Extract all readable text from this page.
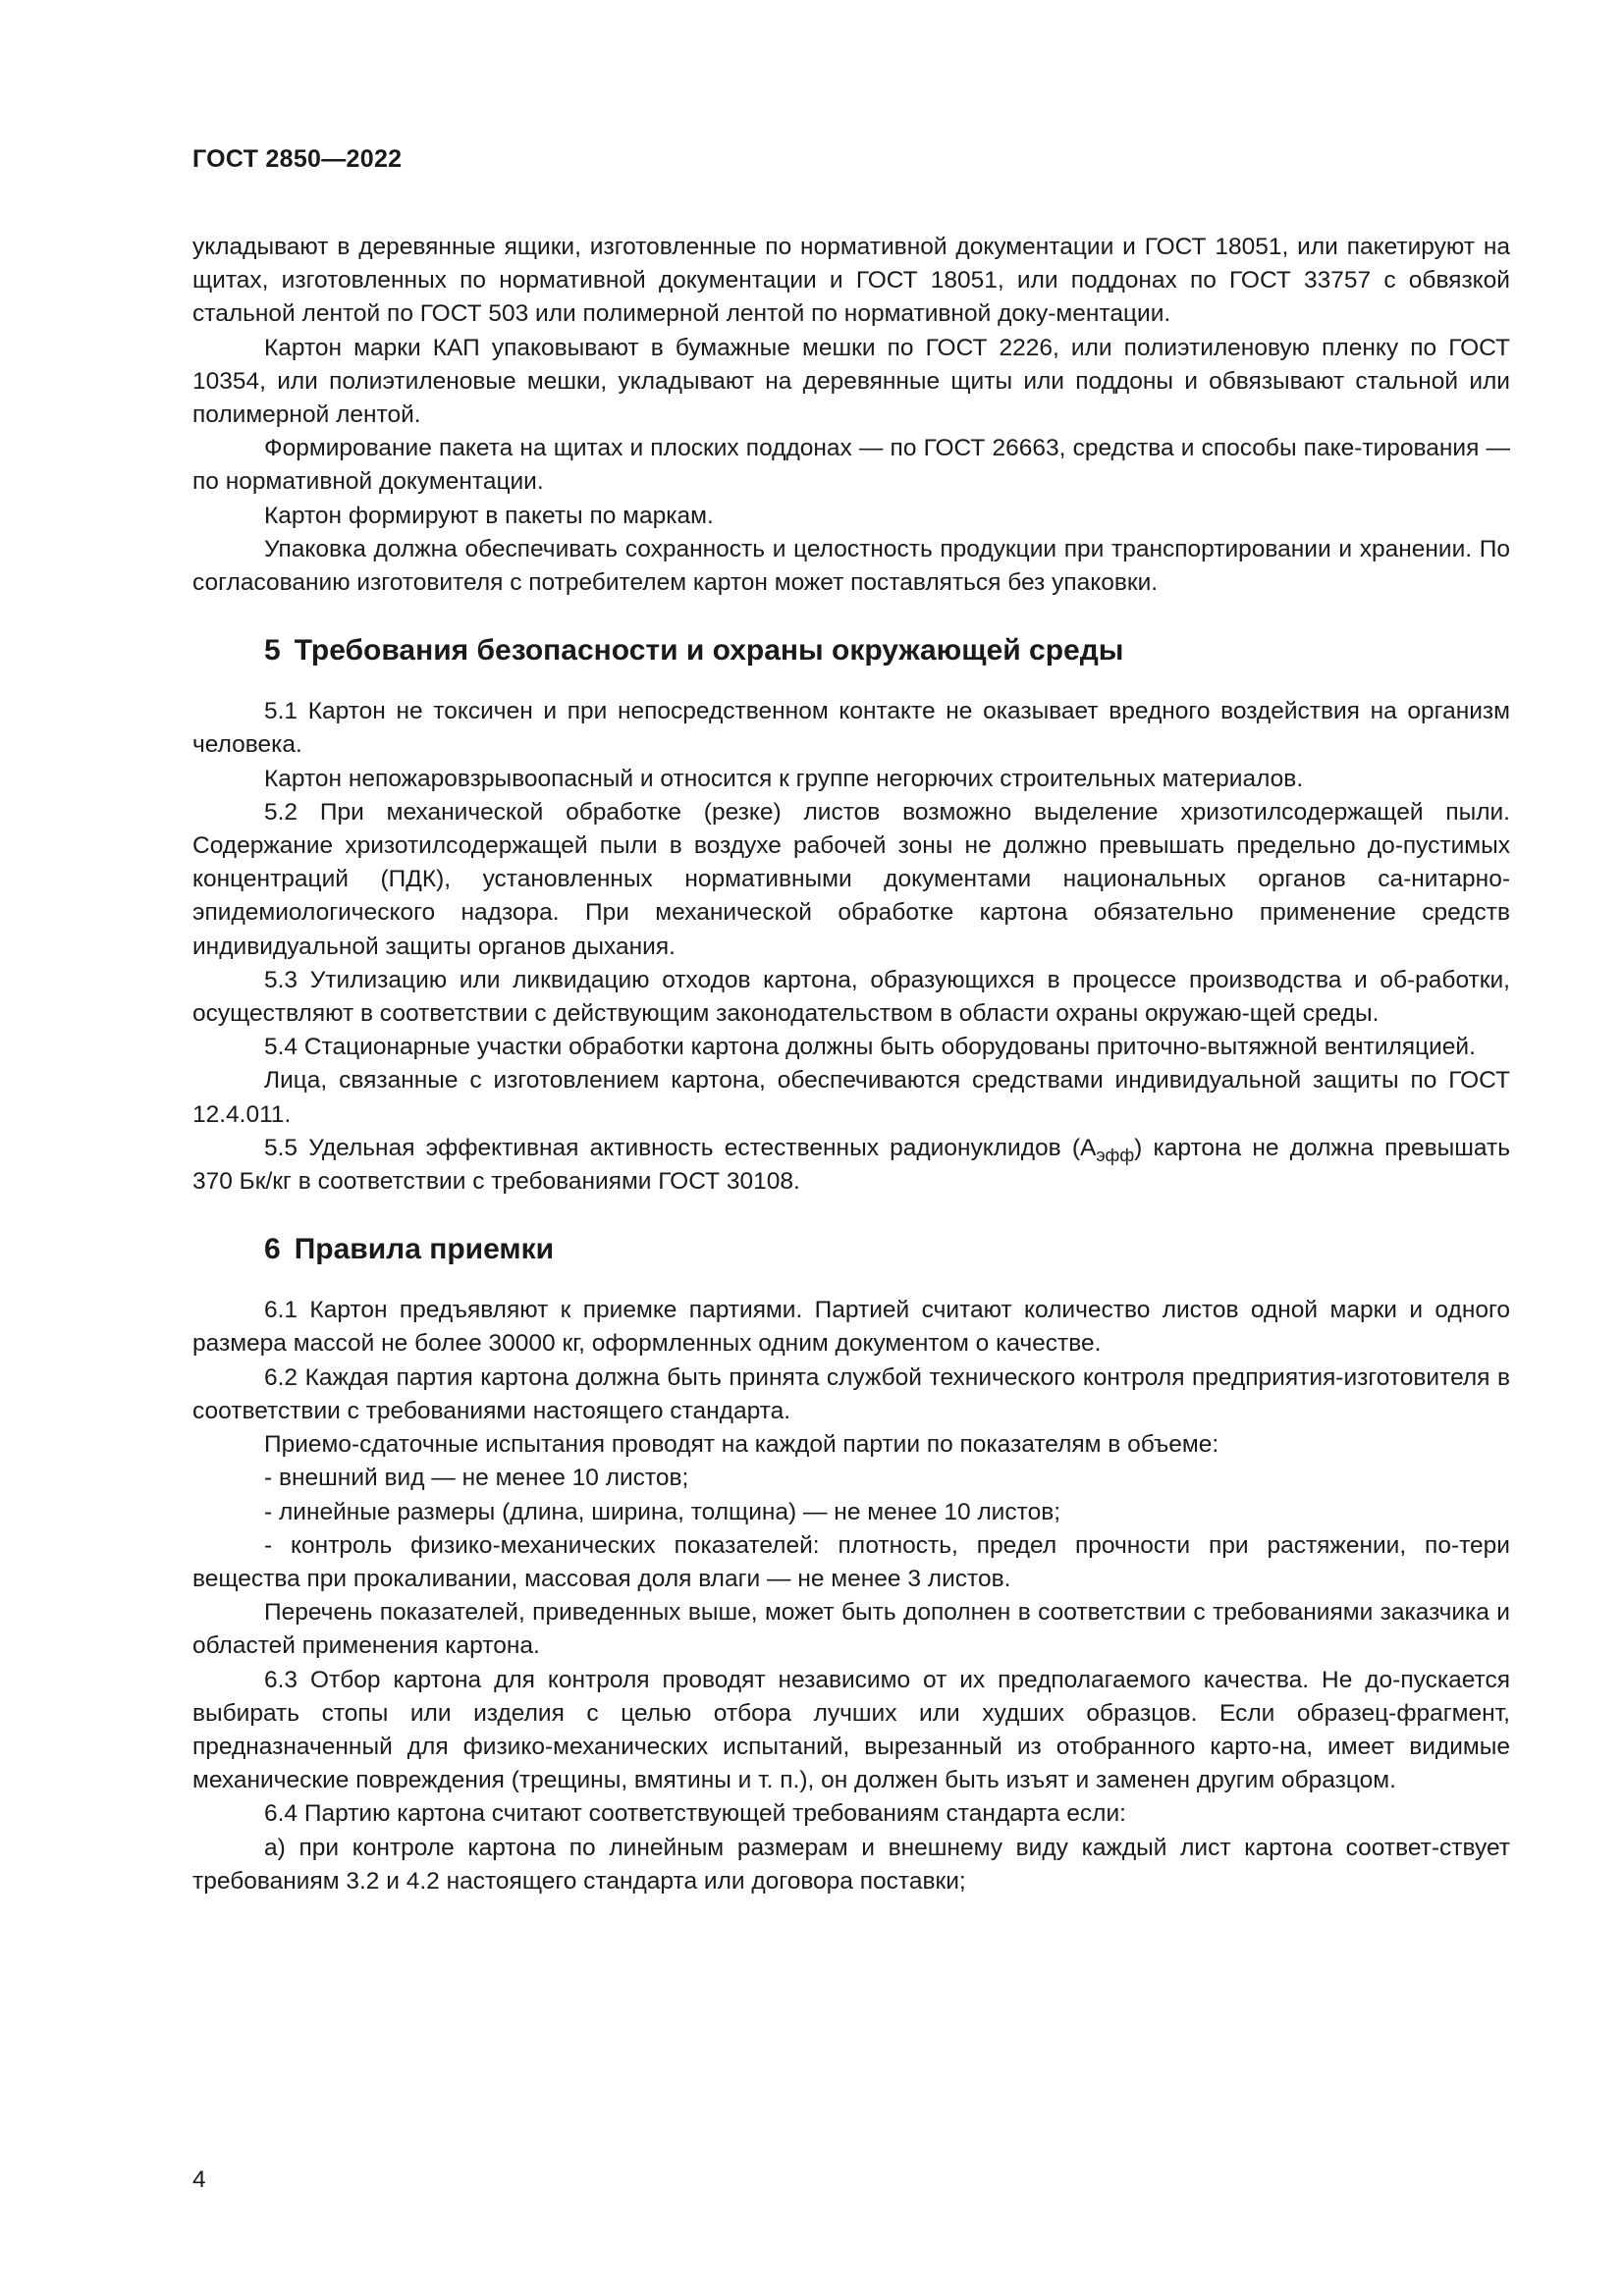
ГОСТ 2850—2022

укладывают в деревянные ящики, изготовленные по нормативной документации и ГОСТ 18051, или пакетируют на щитах, изготовленных по нормативной документации и ГОСТ 18051, или поддонах по ГОСТ 33757 с обвязкой стальной лентой по ГОСТ 503 или полимерной лентой по нормативной доку-ментации.

Картон марки КАП упаковывают в бумажные мешки по ГОСТ 2226, или полиэтиленовую пленку по ГОСТ 10354, или полиэтиленовые мешки, укладывают на деревянные щиты или поддоны и обвязывают стальной или полимерной лентой.

Формирование пакета на щитах и плоских поддонах — по ГОСТ 26663, средства и способы паке-тирования — по нормативной документации.

Картон формируют в пакеты по маркам.

Упаковка должна обеспечивать сохранность и целостность продукции при транспортировании и хранении. По согласованию изготовителя с потребителем картон может поставляться без упаковки.

5 Требования безопасности и охраны окружающей среды

5.1 Картон не токсичен и при непосредственном контакте не оказывает вредного воздействия на организм человека.

Картон непожаровзрывоопасный и относится к группе негорючих строительных материалов.

5.2 При механической обработке (резке) листов возможно выделение хризотилсодержащей пыли. Содержание хризотилсодержащей пыли в воздухе рабочей зоны не должно превышать предельно до-пустимых концентраций (ПДК), установленных нормативными документами национальных органов са-нитарно-эпидемиологического надзора. При механической обработке картона обязательно применение средств индивидуальной защиты органов дыхания.

5.3 Утилизацию или ликвидацию отходов картона, образующихся в процессе производства и об-работки, осуществляют в соответствии с действующим законодательством в области охраны окружаю-щей среды.

5.4 Стационарные участки обработки картона должны быть оборудованы приточно-вытяжной вентиляцией.

Лица, связанные с изготовлением картона, обеспечиваются средствами индивидуальной защиты по ГОСТ 12.4.011.

5.5 Удельная эффективная активность естественных радионуклидов $(А_{эфф})$ картона не должна превышать 370 Бк/кг в соответствии с требованиями ГОСТ 30108.

6 Правила приемки

6.1 Картон предъявляют к приемке партиями. Партией считают количество листов одной марки и одного размера массой не более 30000 кг, оформленных одним документом о качестве.

6.2 Каждая партия картона должна быть принята службой технического контроля предприятия-изготовителя в соответствии с требованиями настоящего стандарта.

Приемо-сдаточные испытания проводят на каждой партии по показателям в объеме:

- внешний вид — не менее 10 листов;

- линейные размеры (длина, ширина, толщина) — не менее 10 листов;

- контроль физико-механических показателей: плотность, предел прочности при растяжении, по-тери вещества при прокаливании, массовая доля влаги — не менее 3 листов.

Перечень показателей, приведенных выше, может быть дополнен в соответствии с требованиями заказчика и областей применения картона.

6.3 Отбор картона для контроля проводят независимо от их предполагаемого качества. Не до-пускается выбирать стопы или изделия с целью отбора лучших или худших образцов. Если образец-фрагмент, предназначенный для физико-механических испытаний, вырезанный из отобранного карто-на, имеет видимые механические повреждения (трещины, вмятины и т. п.), он должен быть изъят и заменен другим образцом.

6.4 Партию картона считают соответствующей требованиям стандарта если:

а) при контроле картона по линейным размерам и внешнему виду каждый лист картона соответ-ствует требованиям 3.2 и 4.2 настоящего стандарта или договора поставки;

4
